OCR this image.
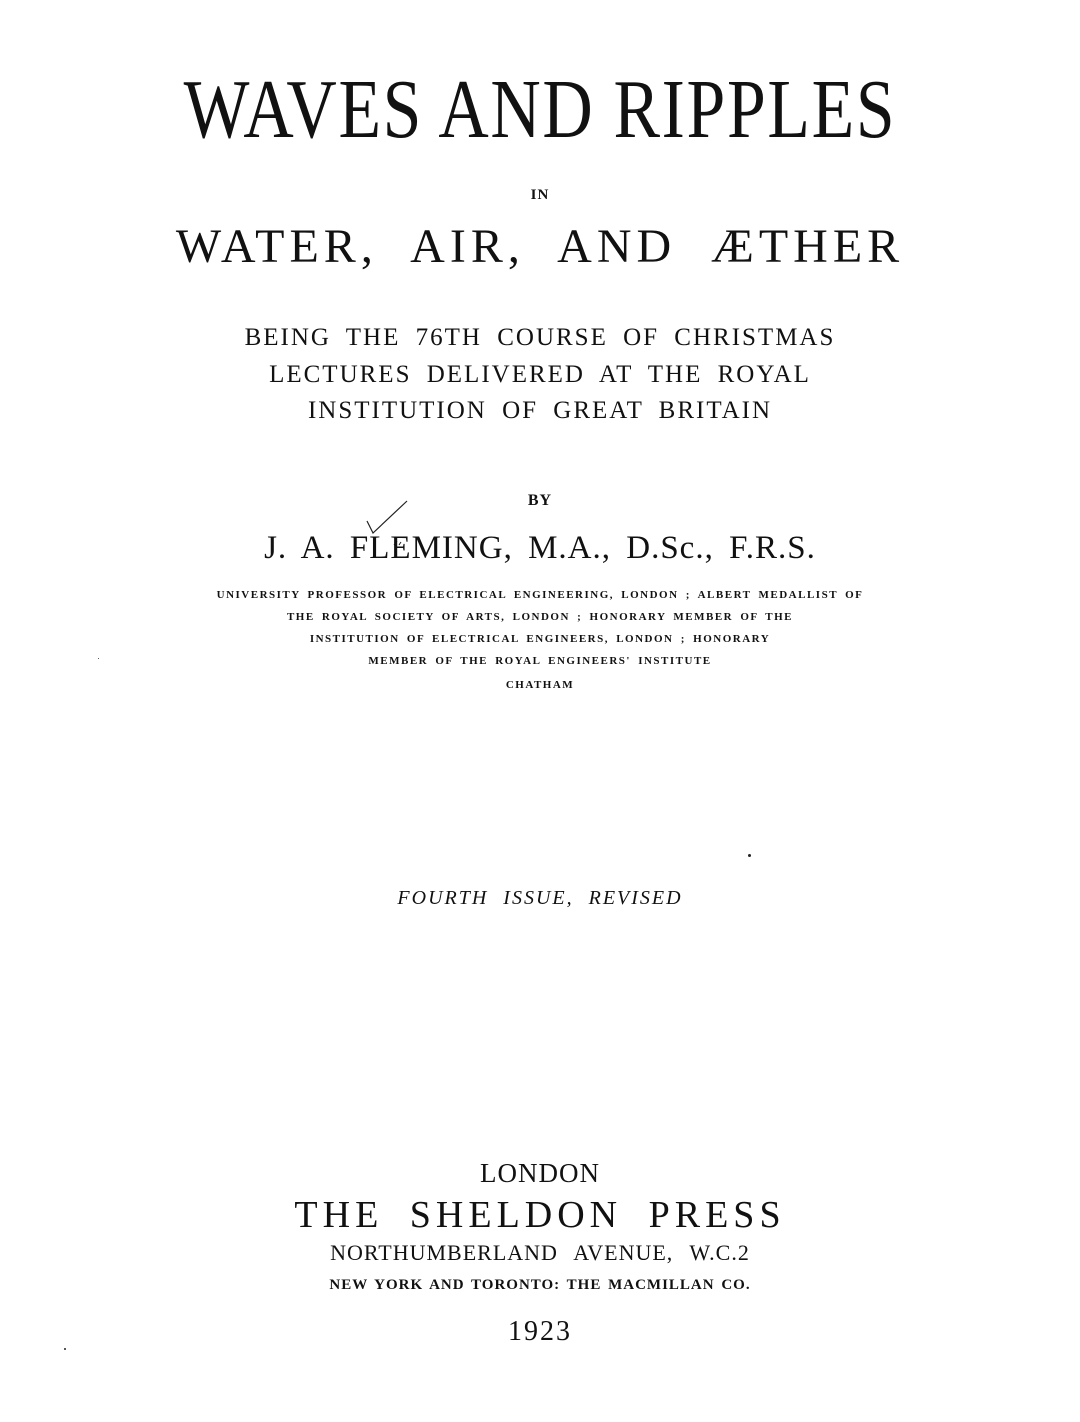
WAVES AND RIPPLES
IN
WATER, AIR, AND ÆTHER
BEING THE 76TH COURSE OF CHRISTMAS
LECTURES DELIVERED AT THE ROYAL
INSTITUTION OF GREAT BRITAIN
BY
J. A. FLEMING, M.A., D.Sc., F.R.S.
UNIVERSITY PROFESSOR OF ELECTRICAL ENGINEERING, LONDON ; ALBERT MEDALLIST OF
THE ROYAL SOCIETY OF ARTS, LONDON ; HONORARY MEMBER OF THE
INSTITUTION OF ELECTRICAL ENGINEERS, LONDON ; HONORARY
MEMBER OF THE ROYAL ENGINEERS' INSTITUTE
CHATHAM
FOURTH ISSUE, REVISED
LONDON
THE SHELDON PRESS
NORTHUMBERLAND AVENUE, W.C.2
NEW YORK AND TORONTO: THE MACMILLAN CO.
1923
